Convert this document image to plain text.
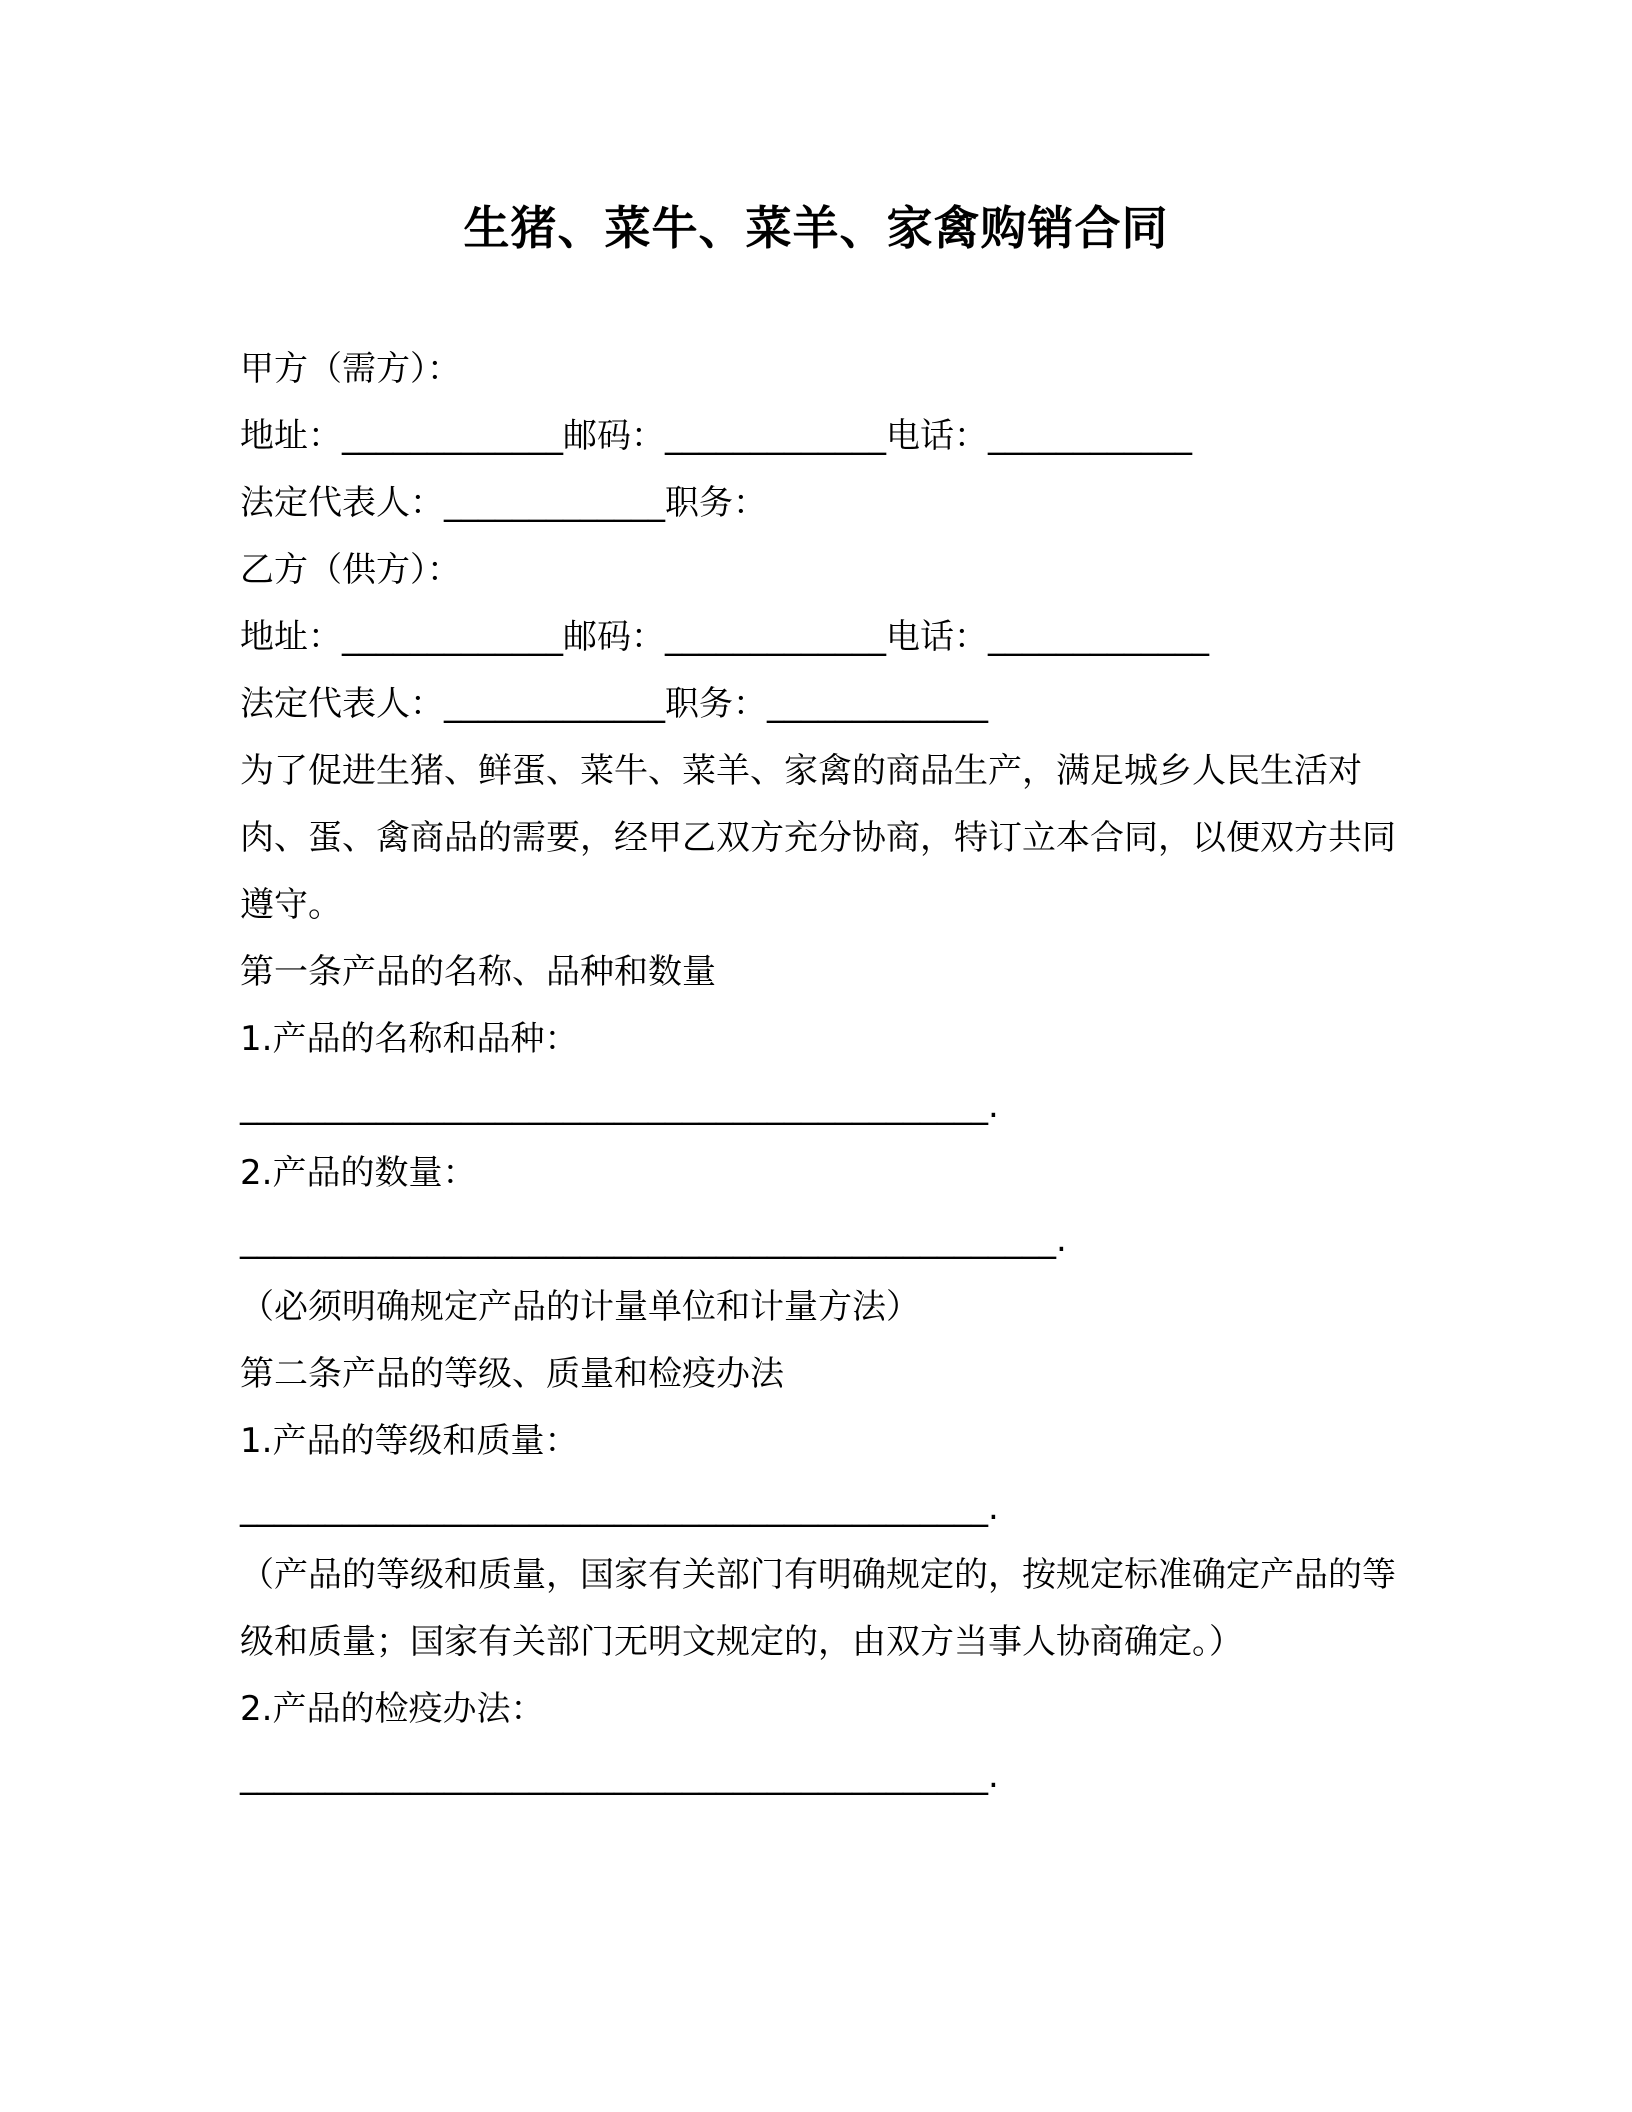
生猪、菜牛、菜羊、家禽购销合同
甲方（需方）：
地址：_____________邮码：_____________电话：____________
法定代表人：_____________职务：
乙方（供方）：
地址：_____________邮码：_____________电话：_____________
法定代表人：_____________职务：_____________
为了促进生猪、鲜蛋、菜牛、菜羊、家禽的商品生产，满足城乡人民生活对肉、蛋、禽商品的需要，经甲乙双方充分协商，特订立本合同，以便双方共同遵守。
第一条产品的名称、品种和数量
1.产品的名称和品种：
____________________________________________.
2.产品的数量：
________________________________________________.
（必须明确规定产品的计量单位和计量方法）
第二条产品的等级、质量和检疫办法
1.产品的等级和质量：
____________________________________________.
（产品的等级和质量，国家有关部门有明确规定的，按规定标准确定产品的等级和质量；国家有关部门无明文规定的，由双方当事人协商确定。）
2.产品的检疫办法：
____________________________________________.
